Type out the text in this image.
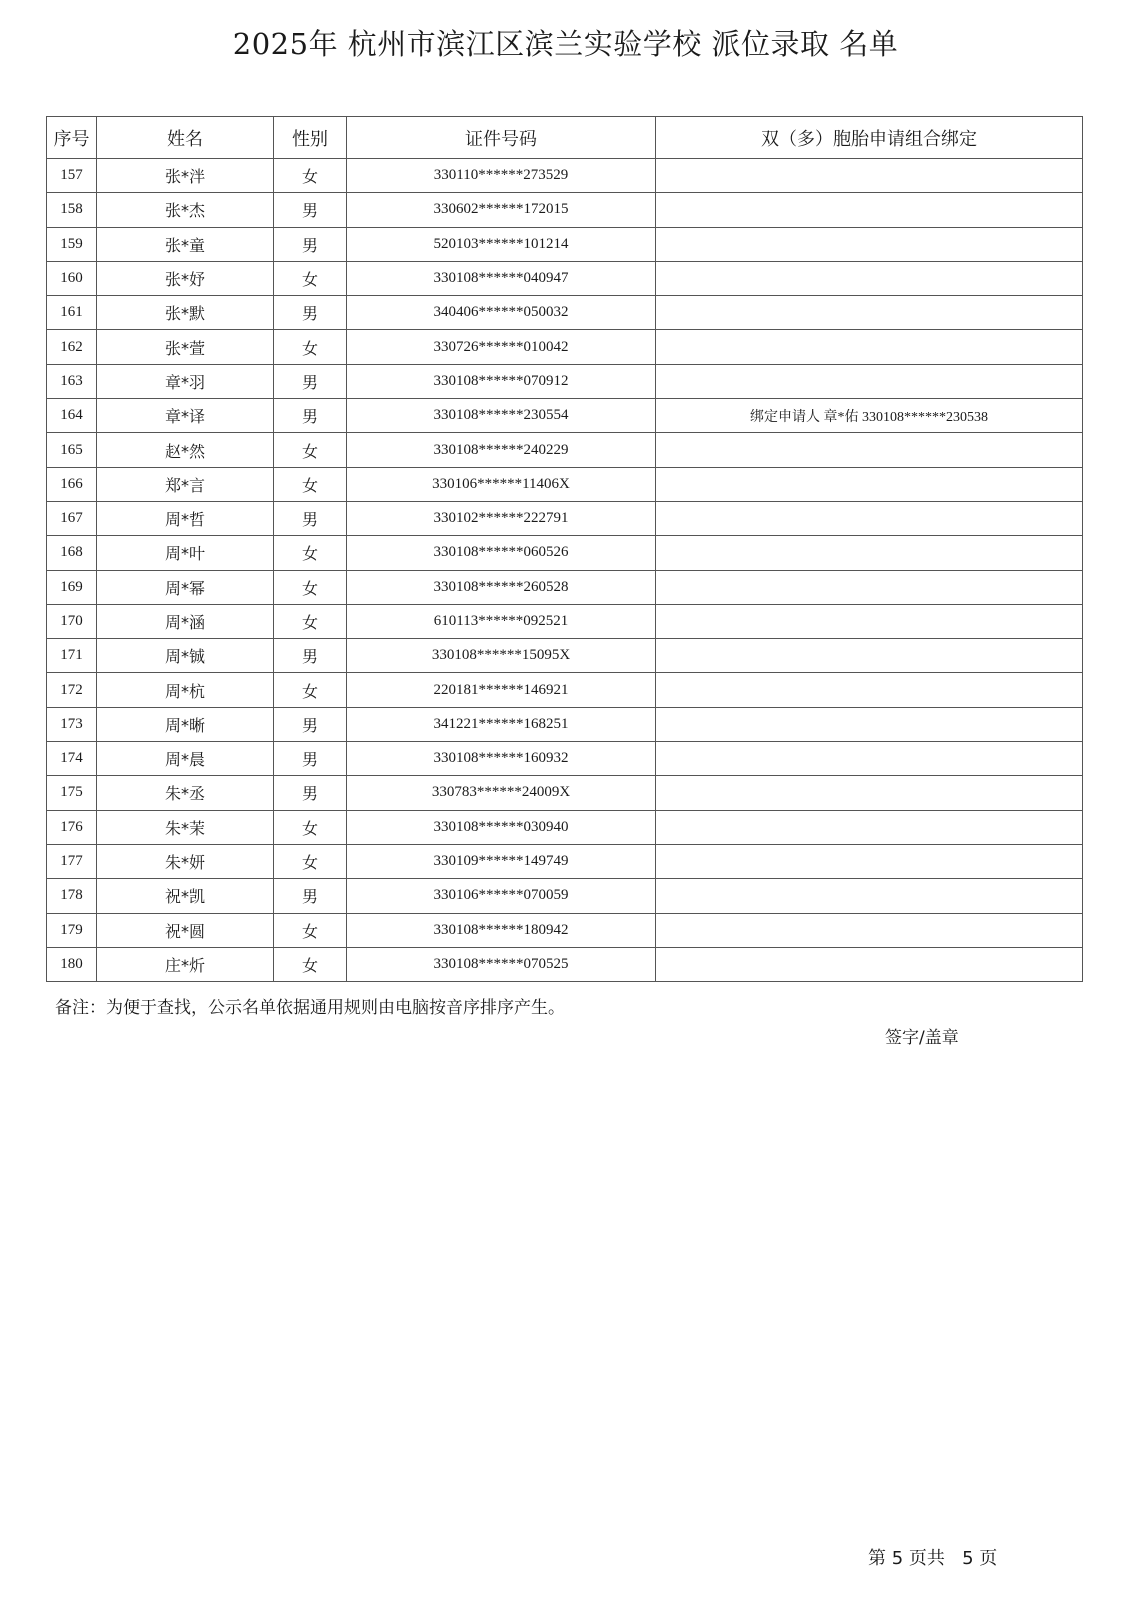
2025年 杭州市滨江区滨兰实验学校 派位录取 名单
序号	姓名	性别	证件号码	双（多）胞胎申请组合绑定
157	张*泮	女	330110******273529	
158	张*杰	男	330602******172015	
159	张*童	男	520103******101214	
160	张*妤	女	330108******040947	
161	张*默	男	340406******050032	
162	张*萱	女	330726******010042	
163	章*羽	男	330108******070912	
164	章*译	男	330108******230554	绑定申请人 章*佑 330108******230538
165	赵*然	女	330108******240229	
166	郑*言	女	330106******11406X	
167	周*哲	男	330102******222791	
168	周*叶	女	330108******060526	
169	周*幂	女	330108******260528	
170	周*涵	女	610113******092521	
171	周*铖	男	330108******15095X	
172	周*杭	女	220181******146921	
173	周*晰	男	341221******168251	
174	周*晨	男	330108******160932	
175	朱*丞	男	330783******24009X	
176	朱*茉	女	330108******030940	
177	朱*妍	女	330109******149749	
178	祝*凯	男	330106******070059	
179	祝*圆	女	330108******180942	
180	庄*炘	女	330108******070525	
备注：为便于查找，公示名单依据通用规则由电脑按音序排序产生。
签字/盖章
第 5 页共 5 页
